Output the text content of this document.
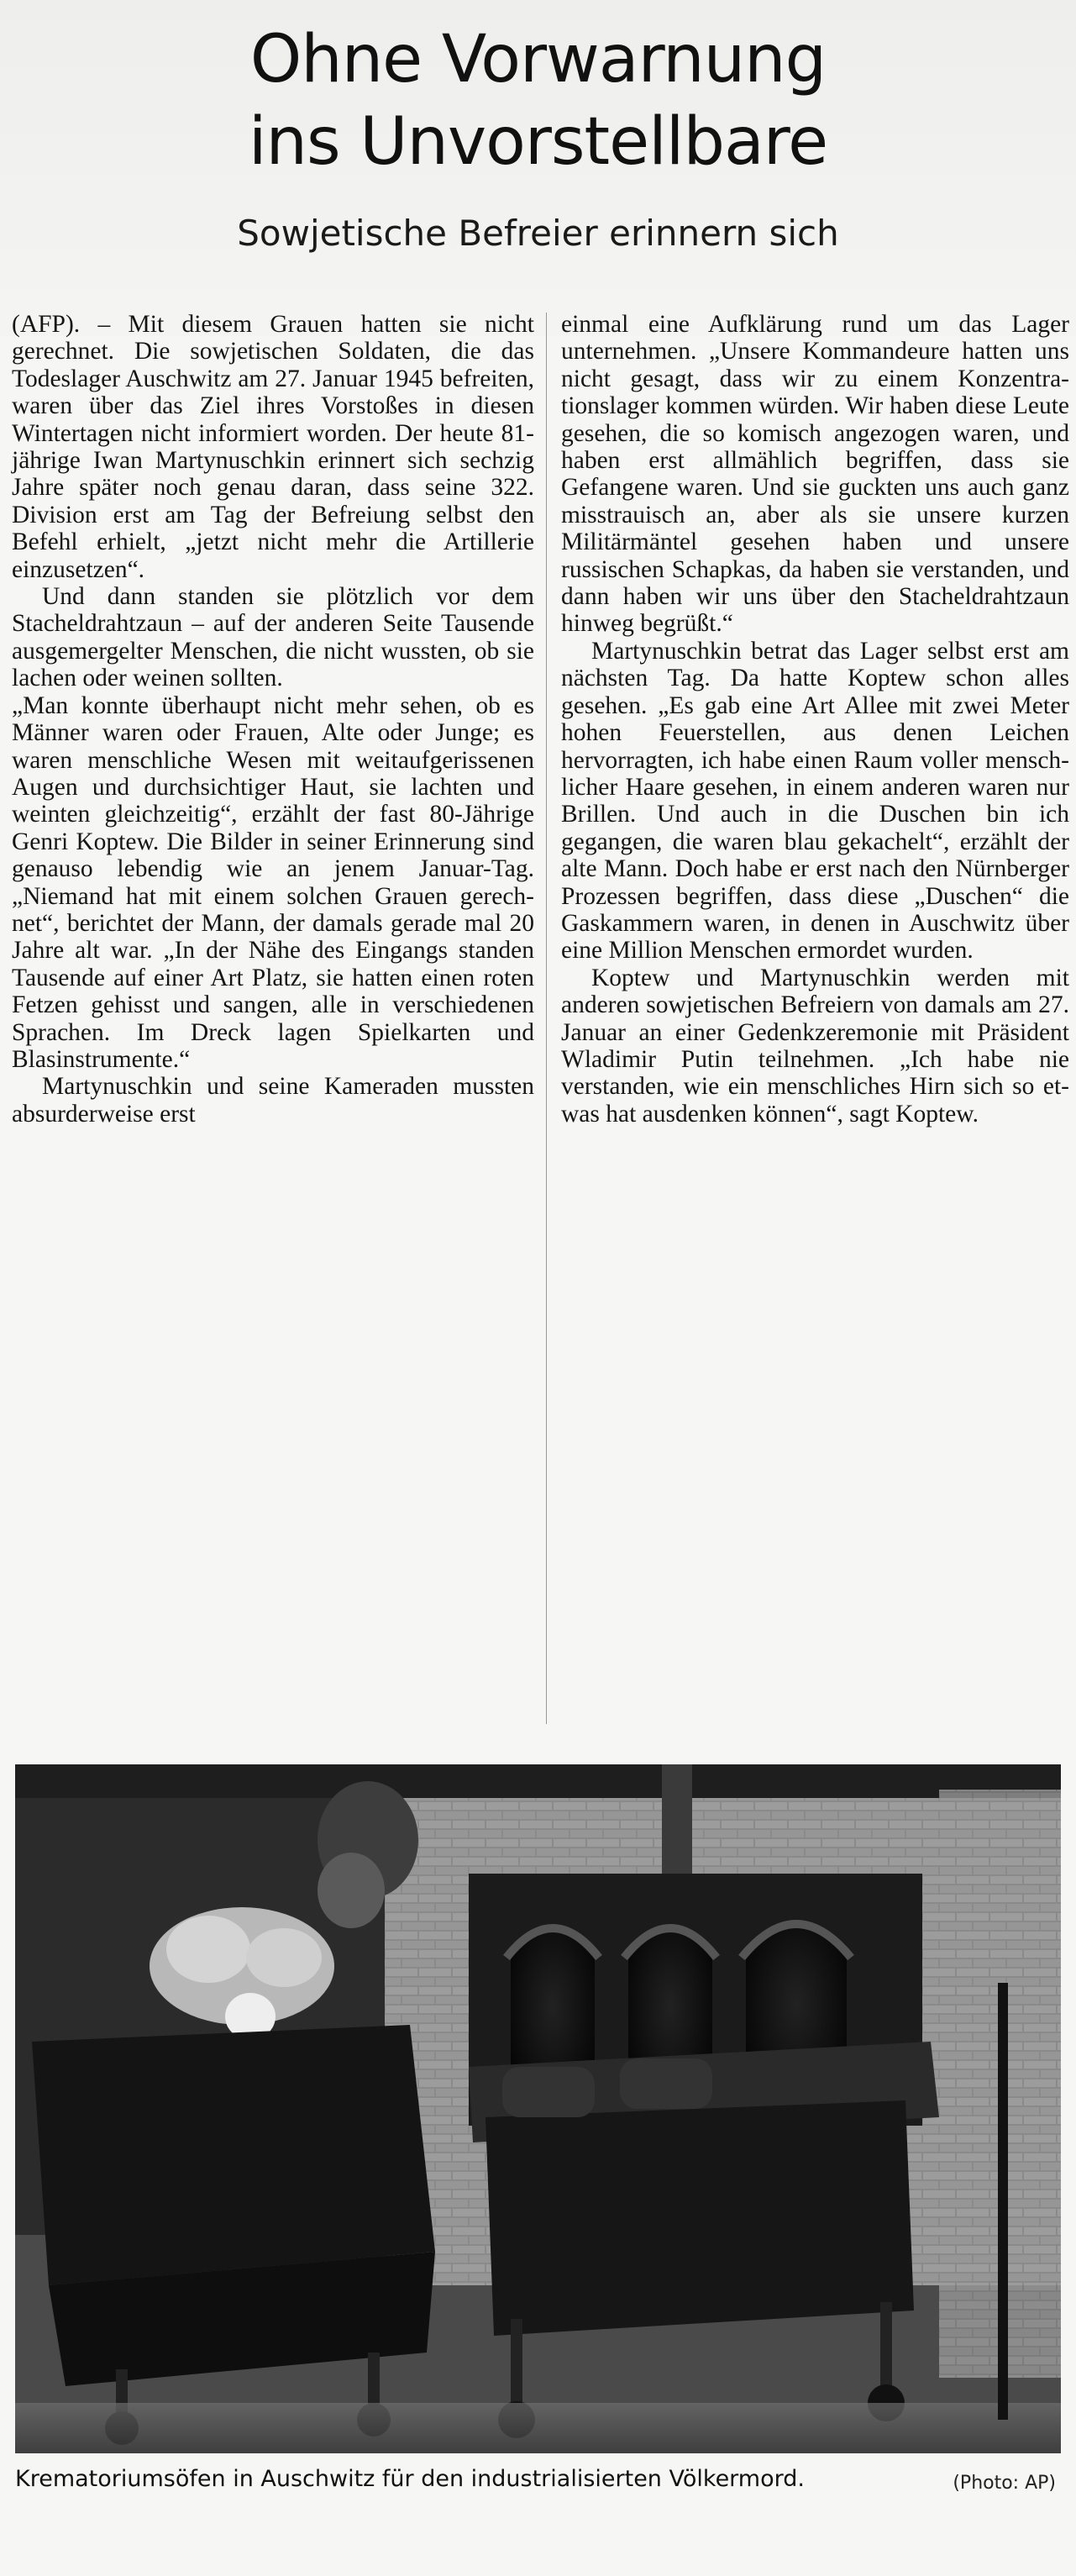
Ohne Vorwarnung
ins Unvorstellbare
Sowjetische Befreier erinnern sich

(AFP). – Mit diesem Grauen hatten sie nicht gerechnet. Die sowjetischen Soldaten, die das Todeslager Auschwitz am 27. Januar 1945 befreiten, waren über das Ziel ihres Vorstoßes in diesen Wintertagen nicht informiert worden. Der heute 81-jährige Iwan Martynuschkin erinnert sich sechzig Jahre später noch genau daran, dass seine 322. Division erst am Tag der Befreiung selbst den Befehl erhielt, „jetzt nicht mehr die Artillerie einzusetzen“.

Und dann standen sie plötzlich vor dem Stacheldrahtzaun – auf der anderen Seite Tausende ausgemergelter Menschen, die nicht wussten, ob sie lachen oder weinen sollten.

„Man konnte überhaupt nicht mehr sehen, ob es Männer waren oder Frauen, Alte oder Junge; es waren menschliche Wesen mit weitaufgerissenen Augen und durchsichtiger Haut, sie lachten und weinten gleichzeitig“, erzählt der fast 80-Jährige Genri Koptew. Die Bilder in seiner Erinnerung sind genauso lebendig wie an jenem Januar-Tag. „Niemand hat mit einem solchen Grauen gerechnet“, berichtet der Mann, der damals gerade mal 20 Jahre alt war. „In der Nähe des Eingangs standen Tausende auf einer Art Platz, sie hatten einen roten Fetzen gehisst und sangen, alle in verschiedenen Sprachen. Im Dreck lagen Spielkarten und Blasinstrumente.“

Martynuschkin und seine Kameraden mussten absurderweise erst

einmal eine Aufklärung rund um das Lager unternehmen. „Unsere Kommandeure hatten uns nicht gesagt, dass wir zu einem Konzentrationslager kommen würden. Wir haben diese Leute gesehen, die so komisch angezogen waren, und haben erst allmählich begriffen, dass sie Gefangene waren. Und sie guckten uns auch ganz misstrauisch an, aber als sie unsere kurzen Militärmäntel gesehen haben und unsere russischen Schapkas, da haben sie verstanden, und dann haben wir uns über den Stacheldrahtzaun hinweg begrüßt.“

Martynuschkin betrat das Lager selbst erst am nächsten Tag. Da hatte Koptew schon alles gesehen. „Es gab eine Art Allee mit zwei Meter hohen Feuerstellen, aus denen Leichen hervorragten, ich habe einen Raum voller menschlicher Haare gesehen, in einem anderen waren nur Brillen. Und auch in die Duschen bin ich gegangen, die waren blau gekachelt“, erzählt der alte Mann. Doch habe er erst nach den Nürnberger Prozessen begriffen, dass diese „Duschen“ die Gaskammern waren, in denen in Auschwitz über eine Million Menschen ermordet wurden.

Koptew und Martynuschkin werden mit anderen sowjetischen Befreiern von damals am 27. Januar an einer Gedenkzeremonie mit Präsident Wladimir Putin teilnehmen. „Ich habe nie verstanden, wie ein menschliches Hirn sich so etwas hat ausdenken können“, sagt Koptew.

Krematoriumsöfen in Auschwitz für den industrialisierten Völkermord.	(Photo: AP)
